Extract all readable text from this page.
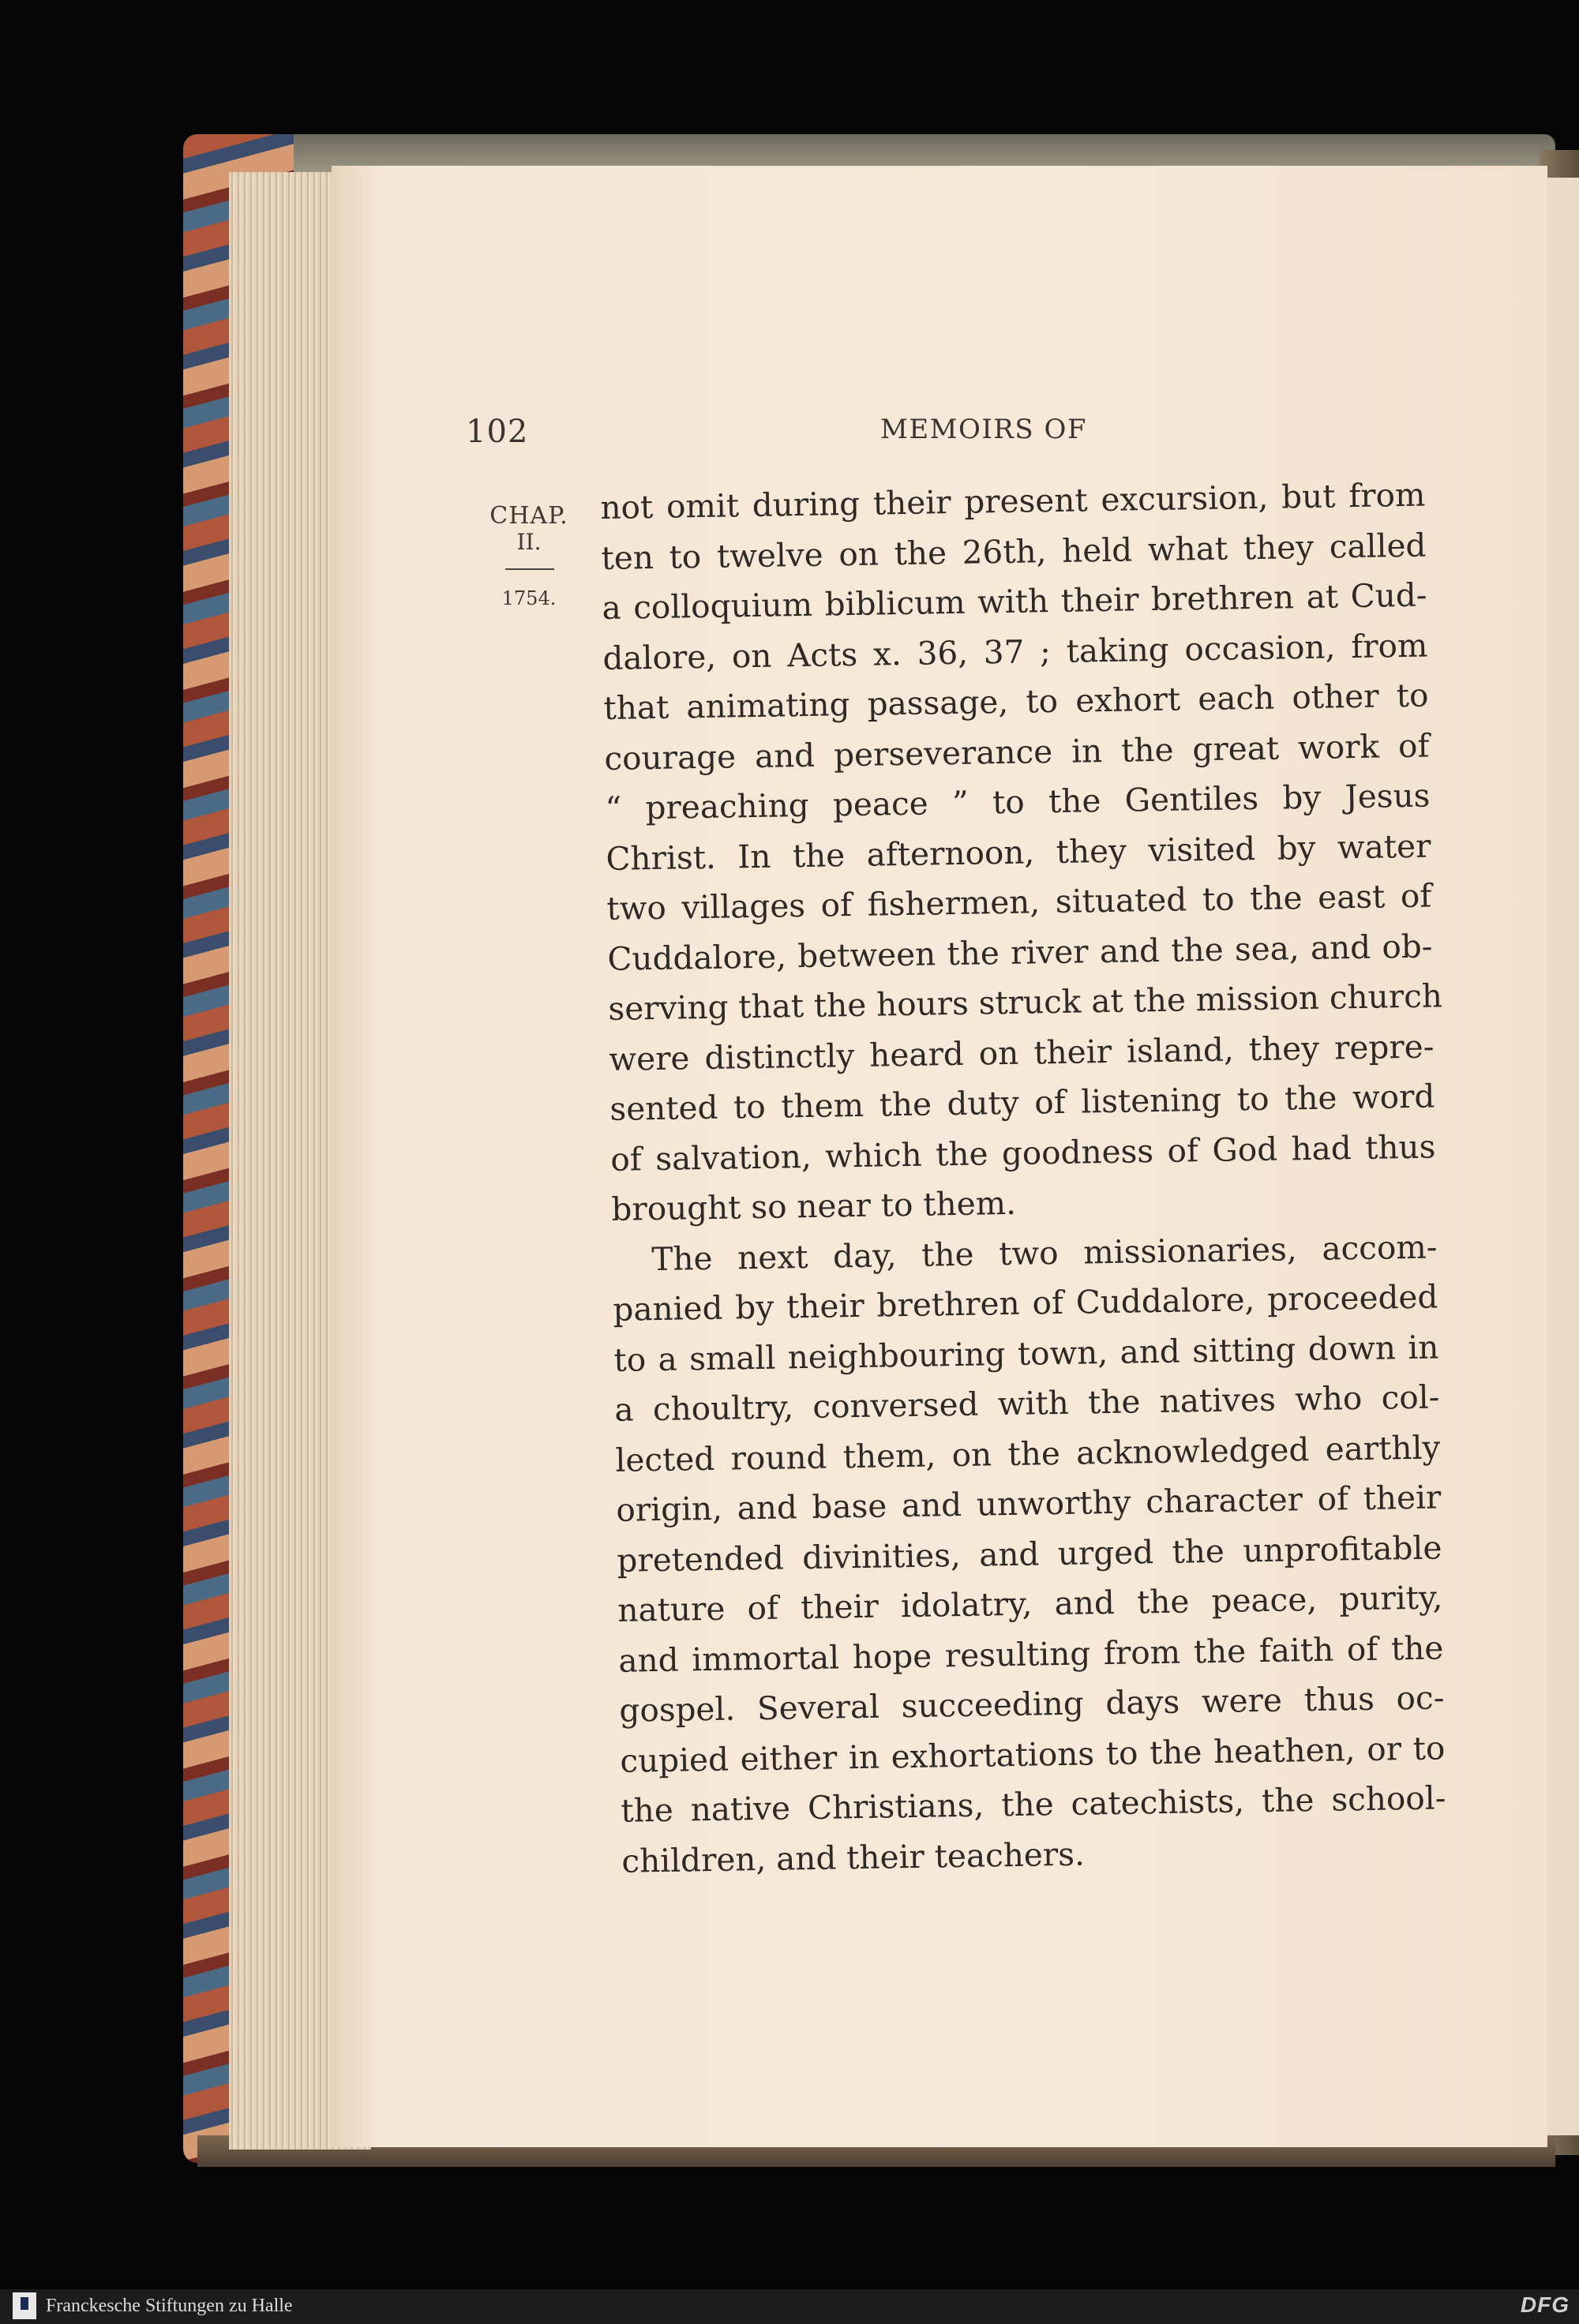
102	MEMOIRS OF
CHAP.
II.
1754.
not omit during their present excursion, but from
ten to twelve on the 26th, held what they called
a colloquium biblicum with their brethren at Cud-
dalore, on Acts x. 36, 37 ; taking occasion, from
that animating passage, to exhort each other to
courage and perseverance in the great work of
“ preaching peace ” to the Gentiles by Jesus
Christ. In the afternoon, they visited by water
two villages of fishermen, situated to the east of
Cuddalore, between the river and the sea, and ob-
serving that the hours struck at the mission church
were distinctly heard on their island, they repre-
sented to them the duty of listening to the word
of salvation, which the goodness of God had thus
brought so near to them.
The next day, the two missionaries, accom-
panied by their brethren of Cuddalore, proceeded
to a small neighbouring town, and sitting down in
a choultry, conversed with the natives who col-
lected round them, on the acknowledged earthly
origin, and base and unworthy character of their
pretended divinities, and urged the unprofitable
nature of their idolatry, and the peace, purity,
and immortal hope resulting from the faith of the
gospel. Several succeeding days were thus oc-
cupied either in exhortations to the heathen, or to
the native Christians, the catechists, the school-
children, and their teachers.
Franckesche Stiftungen zu Halle	DFG
